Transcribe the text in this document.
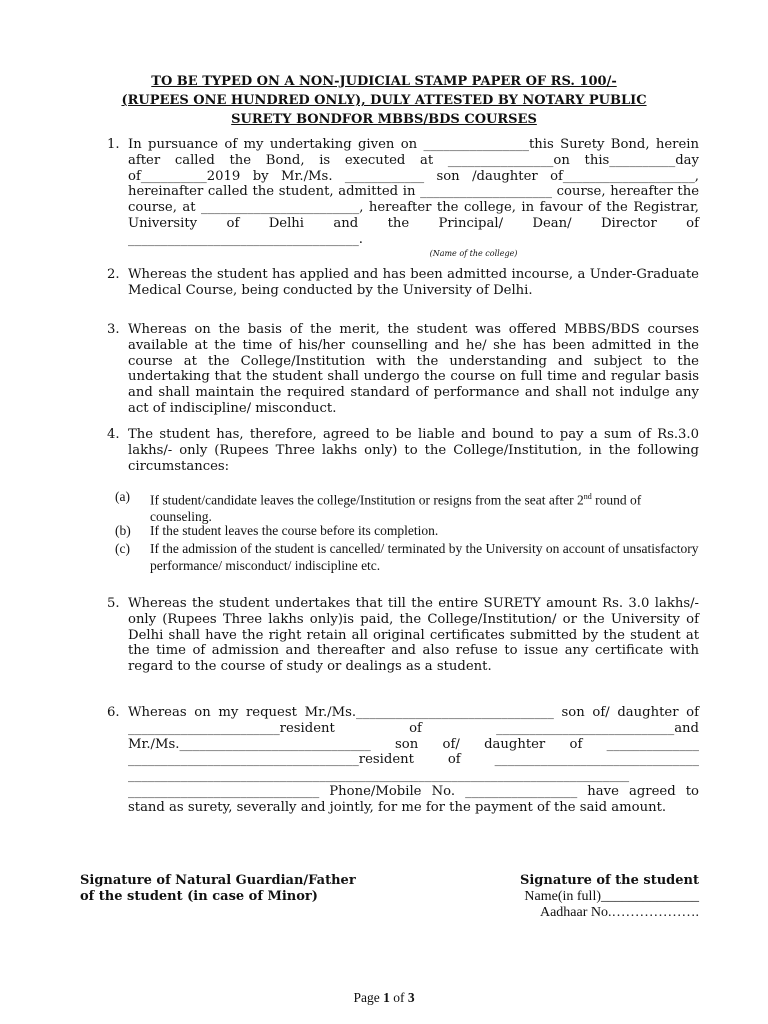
TO BE TYPED ON A NON-JUDICIAL STAMP PAPER OF RS. 100/-
(RUPEES ONE HUNDRED ONLY), DULY ATTESTED BY NOTARY PUBLIC
SURETY BONDFOR MBBS/BDS COURSES
1. In pursuance of my undertaking given on ________________this Surety Bond, herein after called the Bond, is executed at ________________on this__________day of__________2019 by Mr./Ms. ____________ son /daughter of____________________, hereinafter called the student, admitted in ____________________ course, hereafter the course, at ________________________, hereafter the college, in favour of the Registrar, University of Delhi and the Principal/ Dean/ Director of ___________________________________.
(Name of the college)
2. Whereas the student has applied and has been admitted incourse, a Under-Graduate Medical Course, being conducted by the University of Delhi.
3. Whereas on the basis of the merit, the student was offered MBBS/BDS courses available at the time of his/her counselling and he/ she has been admitted in the course at the College/Institution with the understanding and subject to the undertaking that the student shall undergo the course on full time and regular basis and shall maintain the required standard of performance and shall not indulge any act of indiscipline/ misconduct.
4. The student has, therefore, agreed to be liable and bound to pay a sum of Rs.3.0 lakhs/- only (Rupees Three lakhs only) to the College/Institution, in the following circumstances:
(a)	If student/candidate leaves the college/Institution or resigns from the seat after 2nd round of counseling.
(b)	If the student leaves the course before its completion.
(c)	If the admission of the student is cancelled/ terminated by the University on account of unsatisfactory performance/ misconduct/ indiscipline etc.
5. Whereas the student undertakes that till the entire SURETY amount Rs. 3.0 lakhs/- only (Rupees Three lakhs only)is paid, the College/Institution/ or the University of Delhi shall have the right retain all original certificates submitted by the student at the time of admission and thereafter and also refuse to issue any certificate with regard to the course of study or dealings as a student.
6. Whereas on my request Mr./Ms.______________________________ son of/ daughter of _______________________resident of ___________________________and Mr./Ms._____________________________ son of/ daughter of ______________ ___________________________________resident of _______________________________ ____________________________________________________________________________ _____________________________ Phone/Mobile No. _________________ have agreed to stand as surety, severally and jointly, for me for the payment of the said amount.
Signature of Natural Guardian/Father
of the student (in case of Minor)
Signature of the student
Name(in full)______________
Aadhaar No.……………….
Page 1 of 3
